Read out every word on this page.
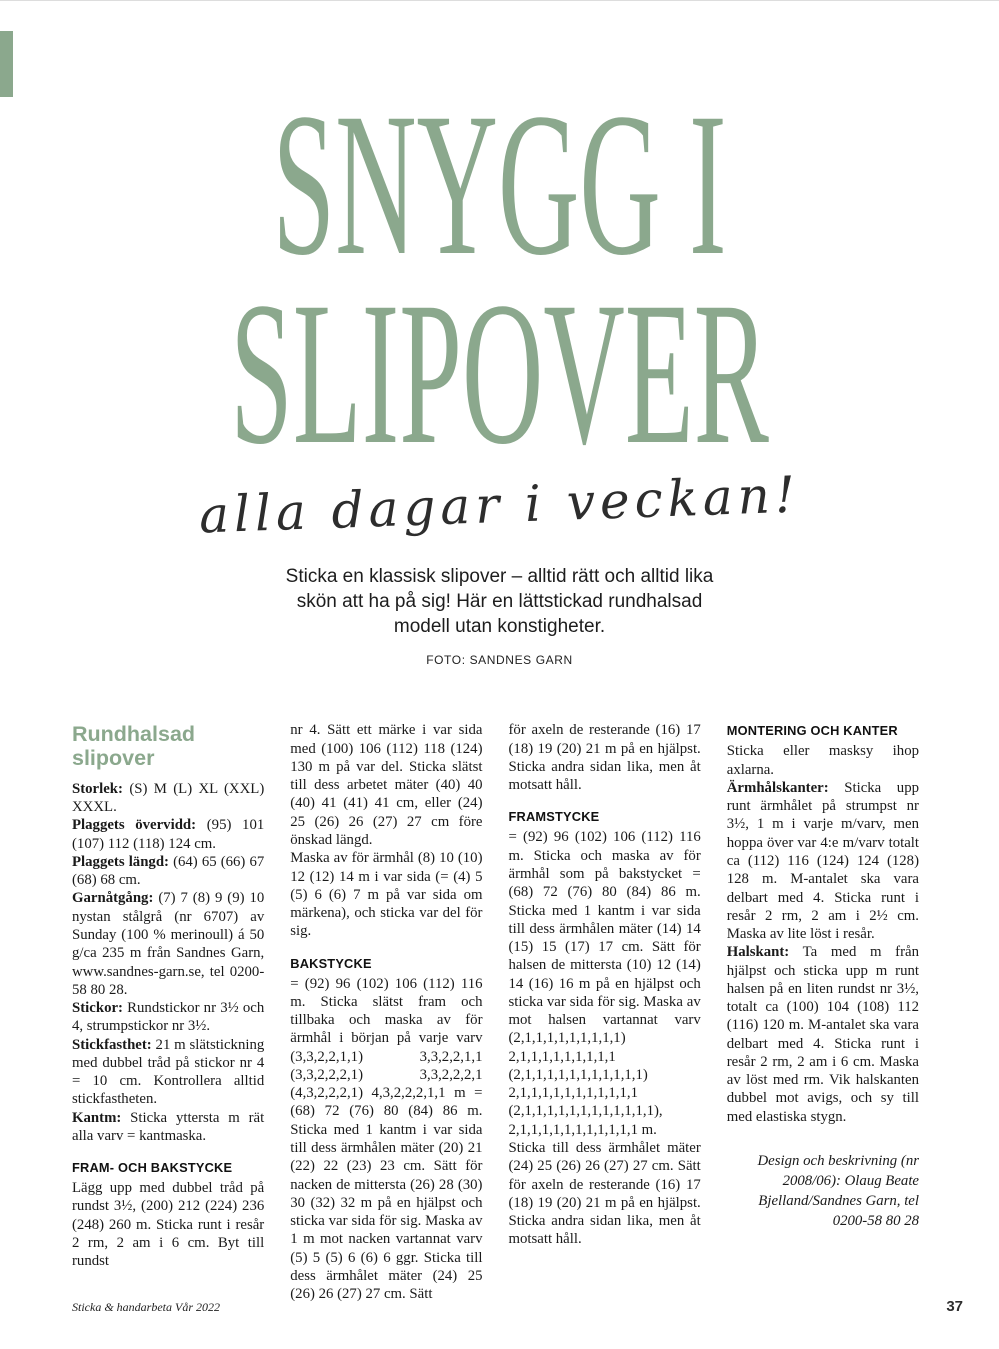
SNYGG I
SLIPOVER
alla dagar i veckan!

Sticka en klassisk slipover – alltid rätt och alltid lika skön att ha på sig! Här en lättstickad rundhalsad modell utan konstigheter.

FOTO: SANDNES GARN
Rundhalsad slipover

Storlek: (S) M (L) XL (XXL) XXXL.

Plaggets övervidd: (95) 101 (107) 112 (118) 124 cm.

Plaggets längd: (64) 65 (66) 67 (68) 68 cm.

Garnåtgång: (7) 7 (8) 9 (9) 10 nystan stålgrå (nr 6707) av Sunday (100 % merinoull) á 50 g/ca 235 m från Sandnes Garn, www.sandnes-garn.se, tel 0200-58 80 28.

Stickor: Rundstickor nr 3½ och 4, strumpstickor nr 3½.

Stickfasthet: 21 m slätstickning med dubbel tråd på stickor nr 4 = 10 cm. Kontrollera alltid stickfastheten.

Kantm: Sticka yttersta m rät alla varv = kantmaska.

FRAM- OCH BAKSTYCKE

Lägg upp med dubbel tråd på rundst 3½, (200) 212 (224) 236 (248) 260 m. Sticka runt i resår 2 rm, 2 am i 6 cm. Byt till rundst

nr 4. Sätt ett märke i var sida med (100) 106 (112) 118 (124) 130 m på var del. Sticka slätst till dess arbetet mäter (40) 40 (40) 41 (41) 41 cm, eller (24) 25 (26) 26 (27) 27 cm före önskad längd.

Maska av för ärmhål (8) 10 (10) 12 (12) 14 m i var sida (= (4) 5 (5) 6 (6) 7 m på var sida om märkena), och sticka var del för sig.

BAKSTYCKE

= (92) 96 (102) 106 (112) 116 m. Sticka slätst fram och tillbaka och maska av för ärmhål i början på varje varv (3,3,2,2,1,1) 3,3,2,2,1,1 (3,3,2,2,2,1) 3,3,2,2,2,1 (4,3,2,2,2,1) 4,3,2,2,2,1,1 m = (68) 72 (76) 80 (84) 86 m. Sticka med 1 kantm i var sida till dess ärmhålen mäter (20) 21 (22) 22 (23) 23 cm. Sätt för nacken de mittersta (26) 28 (30) 30 (32) 32 m på en hjälpst och sticka var sida för sig. Maska av 1 m mot nacken vartannat varv (5) 5 (5) 6 (6) 6 ggr. Sticka till dess ärmhålet mäter (24) 25 (26) 26 (27) 27 cm. Sätt

för axeln de resterande (16) 17 (18) 19 (20) 21 m på en hjälpst. Sticka andra sidan lika, men åt motsatt håll.

FRAMSTYCKE

= (92) 96 (102) 106 (112) 116 m. Sticka och maska av för ärmhål som på bakstycket = (68) 72 (76) 80 (84) 86 m. Sticka med 1 kantm i var sida till dess ärmhålen mäter (14) 14 (15) 15 (17) 17 cm. Sätt för halsen de mittersta (10) 12 (14) 14 (16) 16 m på en hjälpst och sticka var sida för sig. Maska av mot halsen vartannat varv (2,1,1,1,1,1,1,1,1,1) 2,1,1,1,1,1,1,1,1,1 (2,1,1,1,1,1,1,1,1,1,1,1) 2,1,1,1,1,1,1,1,1,1,1,1 (2,1,1,1,1,1,1,1,1,1,1,1,1), 2,1,1,1,1,1,1,1,1,1,1,1 m.

Sticka till dess ärmhålet mäter (24) 25 (26) 26 (27) 27 cm. Sätt för axeln de resterande (16) 17 (18) 19 (20) 21 m på en hjälpst. Sticka andra sidan lika, men åt motsatt håll.

MONTERING OCH KANTER

Sticka eller masksy ihop axlarna.

Ärmhålskanter: Sticka upp runt ärmhålet på strumpst nr 3½, 1 m i varje m/varv, men hoppa över var 4:e m/varv totalt ca (112) 116 (124) 124 (128) 128 m. M-antalet ska vara delbart med 4. Sticka runt i resår 2 rm, 2 am i 2½ cm. Maska av lite löst i resår.

Halskant: Ta med m från hjälpst och sticka upp m runt halsen på en liten rundst nr 3½, totalt ca (100) 104 (108) 112 (116) 120 m. M-antalet ska vara delbart med 4. Sticka runt i resår 2 rm, 2 am i 6 cm. Maska av löst med rm. Vik halskanten dubbel mot avigs, och sy till med elastiska stygn.

Design och beskrivning (nr 2008/06): Olaug Beate Bjelland/Sandnes Garn, tel 0200-58 80 28

Sticka & handarbeta Vår 2022	37
